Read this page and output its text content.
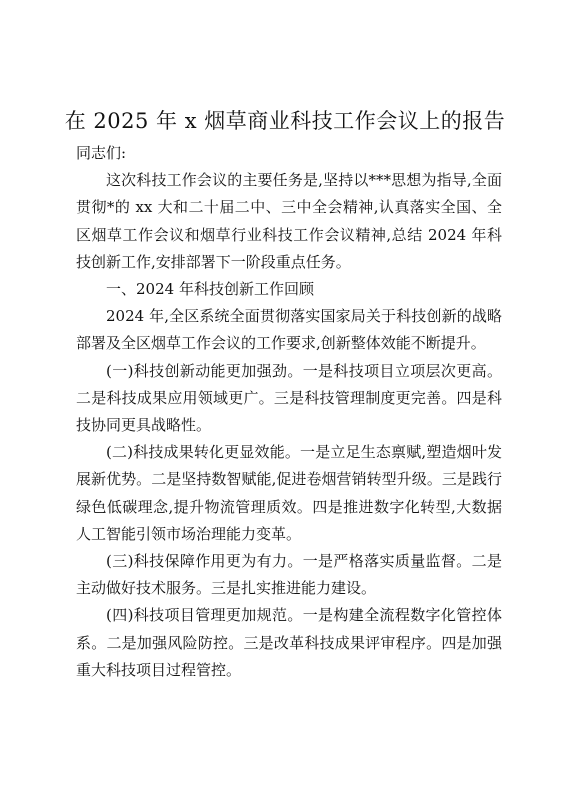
在 2025 年 x 烟草商业科技工作会议上的报告

同志们:

这次科技工作会议的主要任务是,坚持以***思想为指导,全面贯彻*的 xx 大和二十届二中、三中全会精神,认真落实全国、全区烟草工作会议和烟草行业科技工作会议精神,总结 2024 年科技创新工作,安排部署下一阶段重点任务。

一、2024 年科技创新工作回顾

2024 年,全区系统全面贯彻落实国家局关于科技创新的战略部署及全区烟草工作会议的工作要求,创新整体效能不断提升。

(一)科技创新动能更加强劲。一是科技项目立项层次更高。二是科技成果应用领域更广。三是科技管理制度更完善。四是科技协同更具战略性。

(二)科技成果转化更显效能。一是立足生态禀赋,塑造烟叶发展新优势。二是坚持数智赋能,促进卷烟营销转型升级。三是践行绿色低碳理念,提升物流管理质效。四是推进数字化转型,大数据人工智能引领市场治理能力变革。

(三)科技保障作用更为有力。一是严格落实质量监督。二是主动做好技术服务。三是扎实推进能力建设。

(四)科技项目管理更加规范。一是构建全流程数字化管控体系。二是加强风险防控。三是改革科技成果评审程序。四是加强重大科技项目过程管控。
